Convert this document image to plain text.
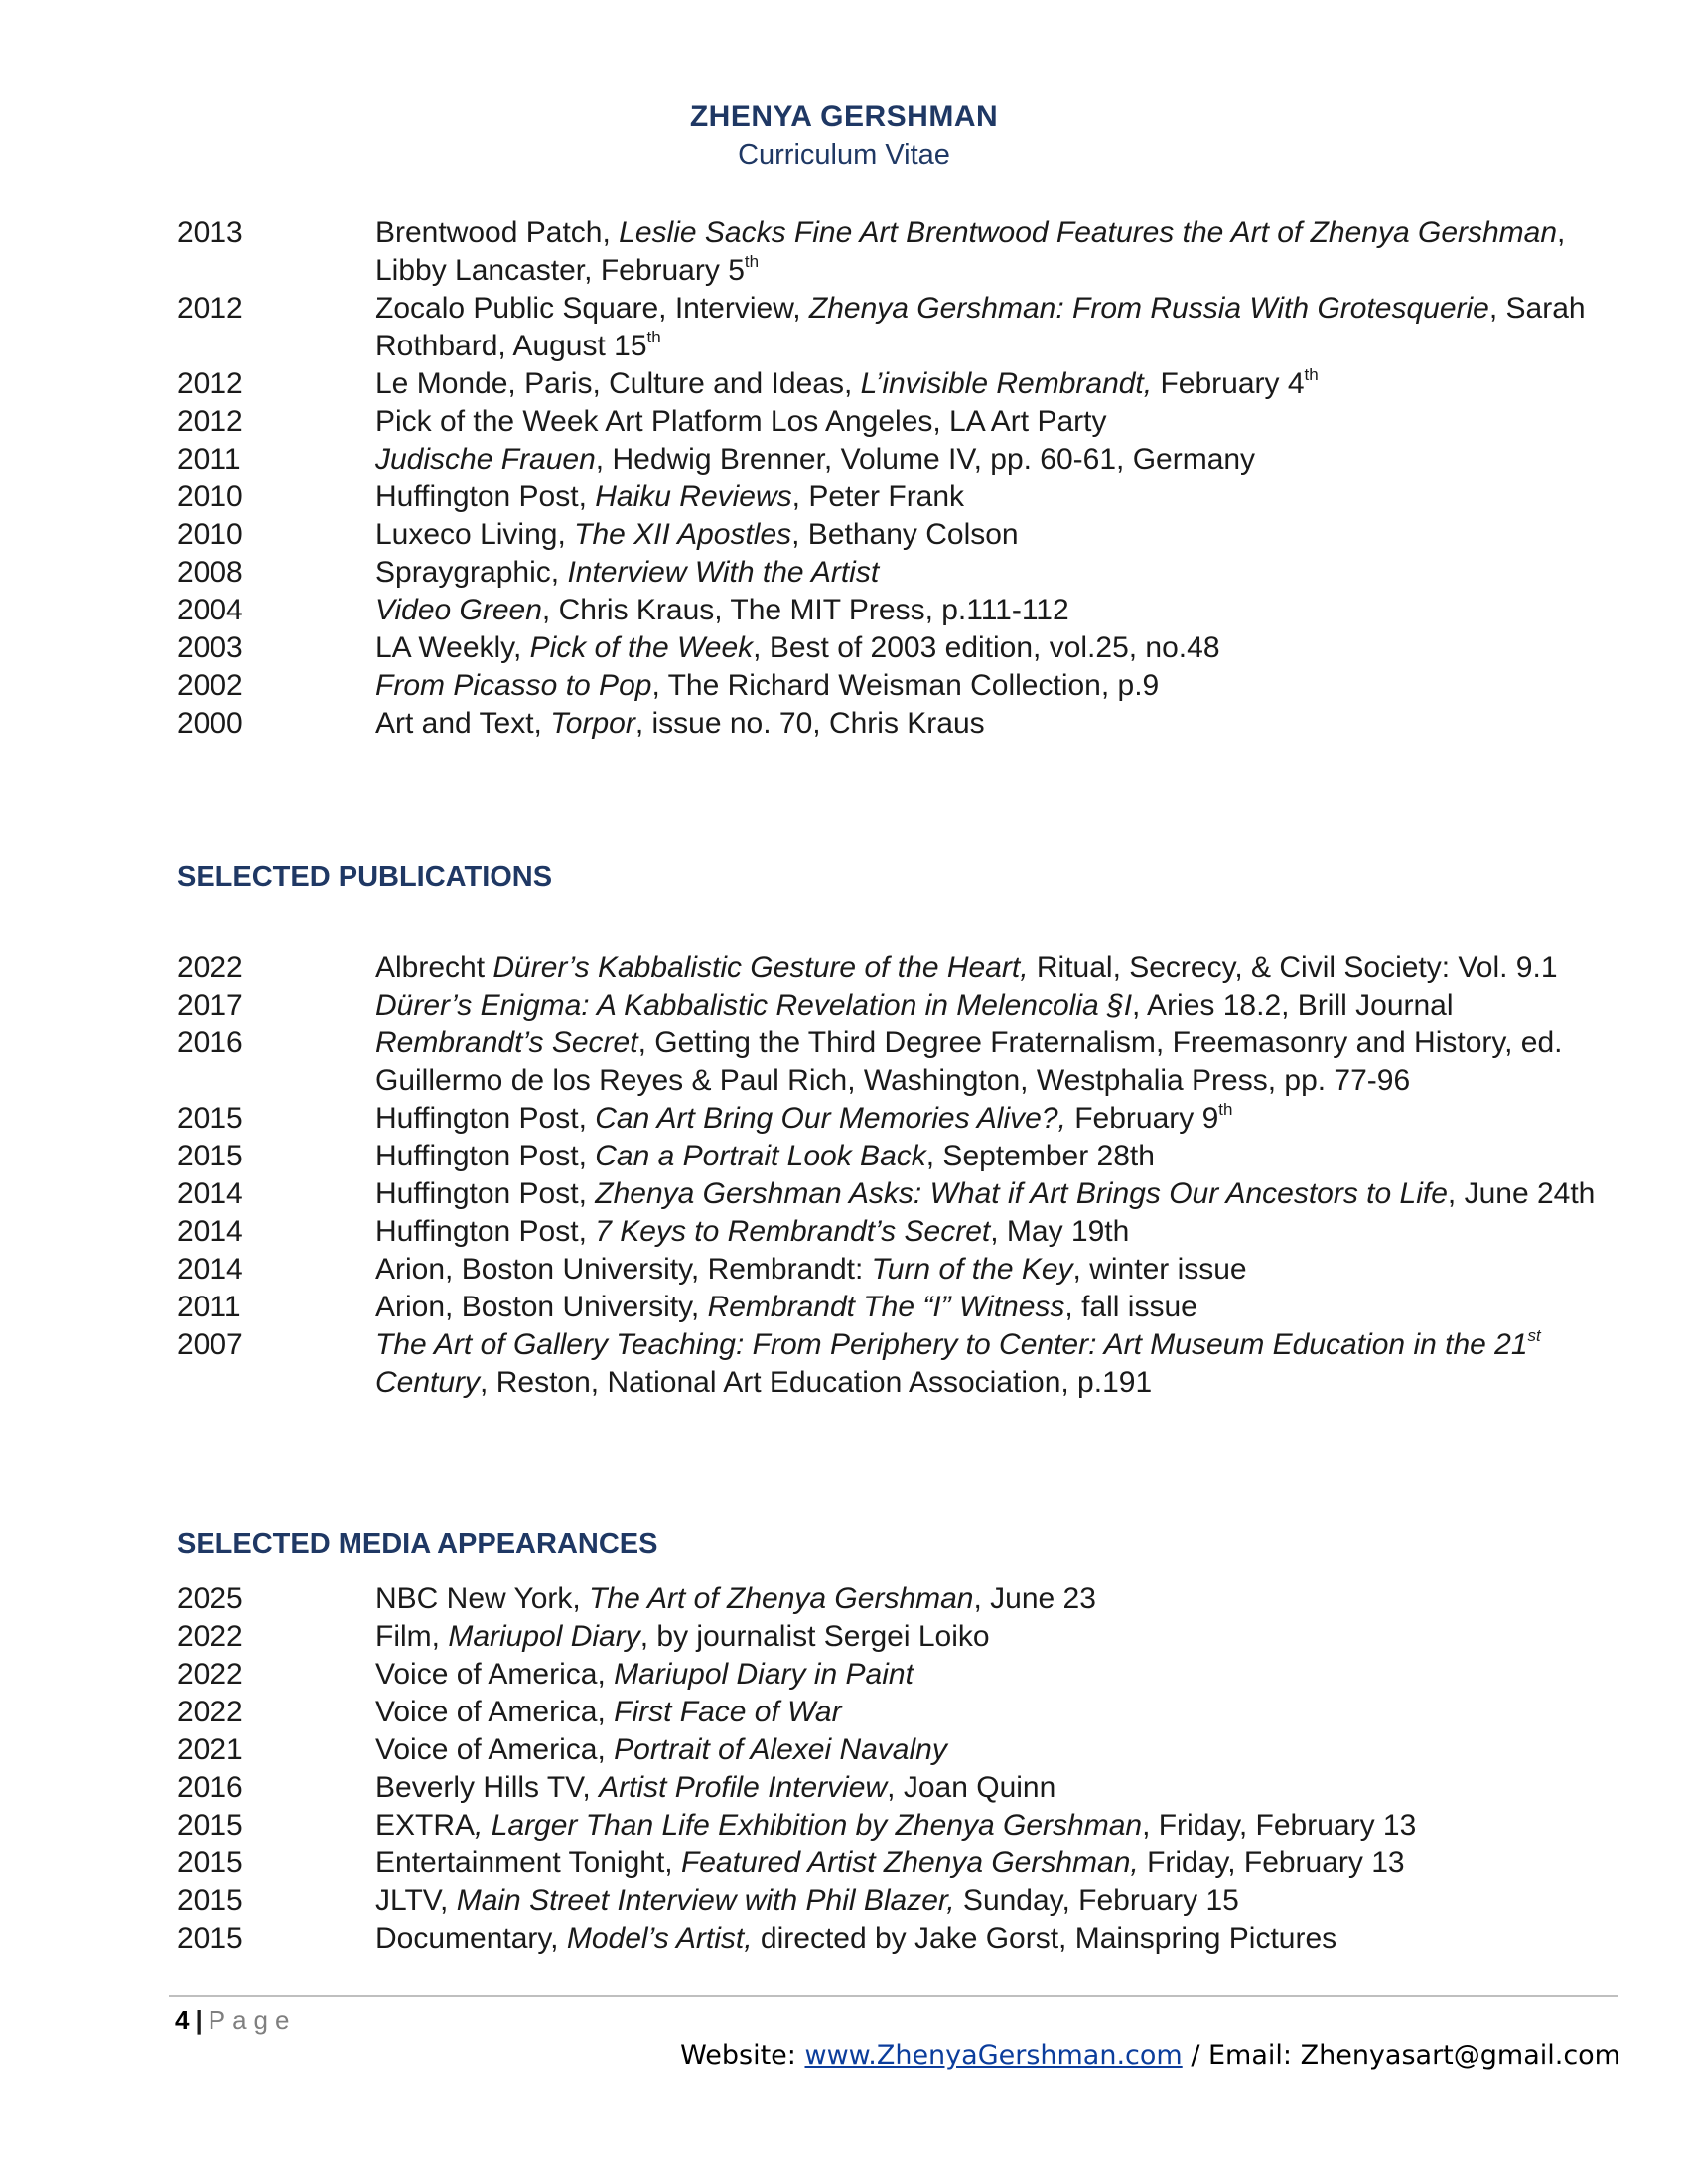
ZHENYA GERSHMAN
Curriculum Vitae
2013	Brentwood Patch, Leslie Sacks Fine Art Brentwood Features the Art of Zhenya Gershman, Libby Lancaster, February 5th
2012	Zocalo Public Square, Interview, Zhenya Gershman: From Russia With Grotesquerie, Sarah Rothbard, August 15th
2012	Le Monde, Paris, Culture and Ideas, L’invisible Rembrandt, February 4th
2012	Pick of the Week Art Platform Los Angeles, LA Art Party
2011	Judische Frauen, Hedwig Brenner, Volume IV, pp. 60-61, Germany
2010	Huffington Post, Haiku Reviews, Peter Frank
2010	Luxeco Living, The XII Apostles, Bethany Colson
2008	Spraygraphic, Interview With the Artist
2004	Video Green, Chris Kraus, The MIT Press, p.111-112
2003	LA Weekly, Pick of the Week, Best of 2003 edition, vol.25, no.48
2002	From Picasso to Pop, The Richard Weisman Collection, p.9
2000	Art and Text, Torpor, issue no. 70, Chris Kraus
SELECTED PUBLICATIONS
2022	Albrecht Dürer’s Kabbalistic Gesture of the Heart, Ritual, Secrecy, & Civil Society: Vol. 9.1
2017	Dürer’s Enigma: A Kabbalistic Revelation in Melencolia §I, Aries 18.2, Brill Journal
2016	Rembrandt’s Secret, Getting the Third Degree Fraternalism, Freemasonry and History, ed. Guillermo de los Reyes & Paul Rich, Washington, Westphalia Press, pp. 77-96
2015	Huffington Post, Can Art Bring Our Memories Alive?, February 9th
2015	Huffington Post, Can a Portrait Look Back, September 28th
2014	Huffington Post, Zhenya Gershman Asks: What if Art Brings Our Ancestors to Life, June 24th
2014	Huffington Post, 7 Keys to Rembrandt’s Secret, May 19th
2014	Arion, Boston University, Rembrandt: Turn of the Key, winter issue
2011	Arion, Boston University, Rembrandt The “I” Witness, fall issue
2007	The Art of Gallery Teaching: From Periphery to Center: Art Museum Education in the 21st Century, Reston, National Art Education Association, p.191
SELECTED MEDIA APPEARANCES
2025	NBC New York, The Art of Zhenya Gershman, June 23
2022	Film, Mariupol Diary, by journalist Sergei Loiko
2022	Voice of America, Mariupol Diary in Paint
2022	Voice of America, First Face of War
2021	Voice of America, Portrait of Alexei Navalny
2016	Beverly Hills TV, Artist Profile Interview, Joan Quinn
2015	EXTRA, Larger Than Life Exhibition by Zhenya Gershman, Friday, February 13
2015	Entertainment Tonight, Featured Artist Zhenya Gershman, Friday, February 13
2015	JLTV, Main Street Interview with Phil Blazer, Sunday, February 15
2015	Documentary, Model’s Artist, directed by Jake Gorst, Mainspring Pictures
4 | Page
Website: www.ZhenyaGershman.com / Email: Zhenyasart@gmail.com
